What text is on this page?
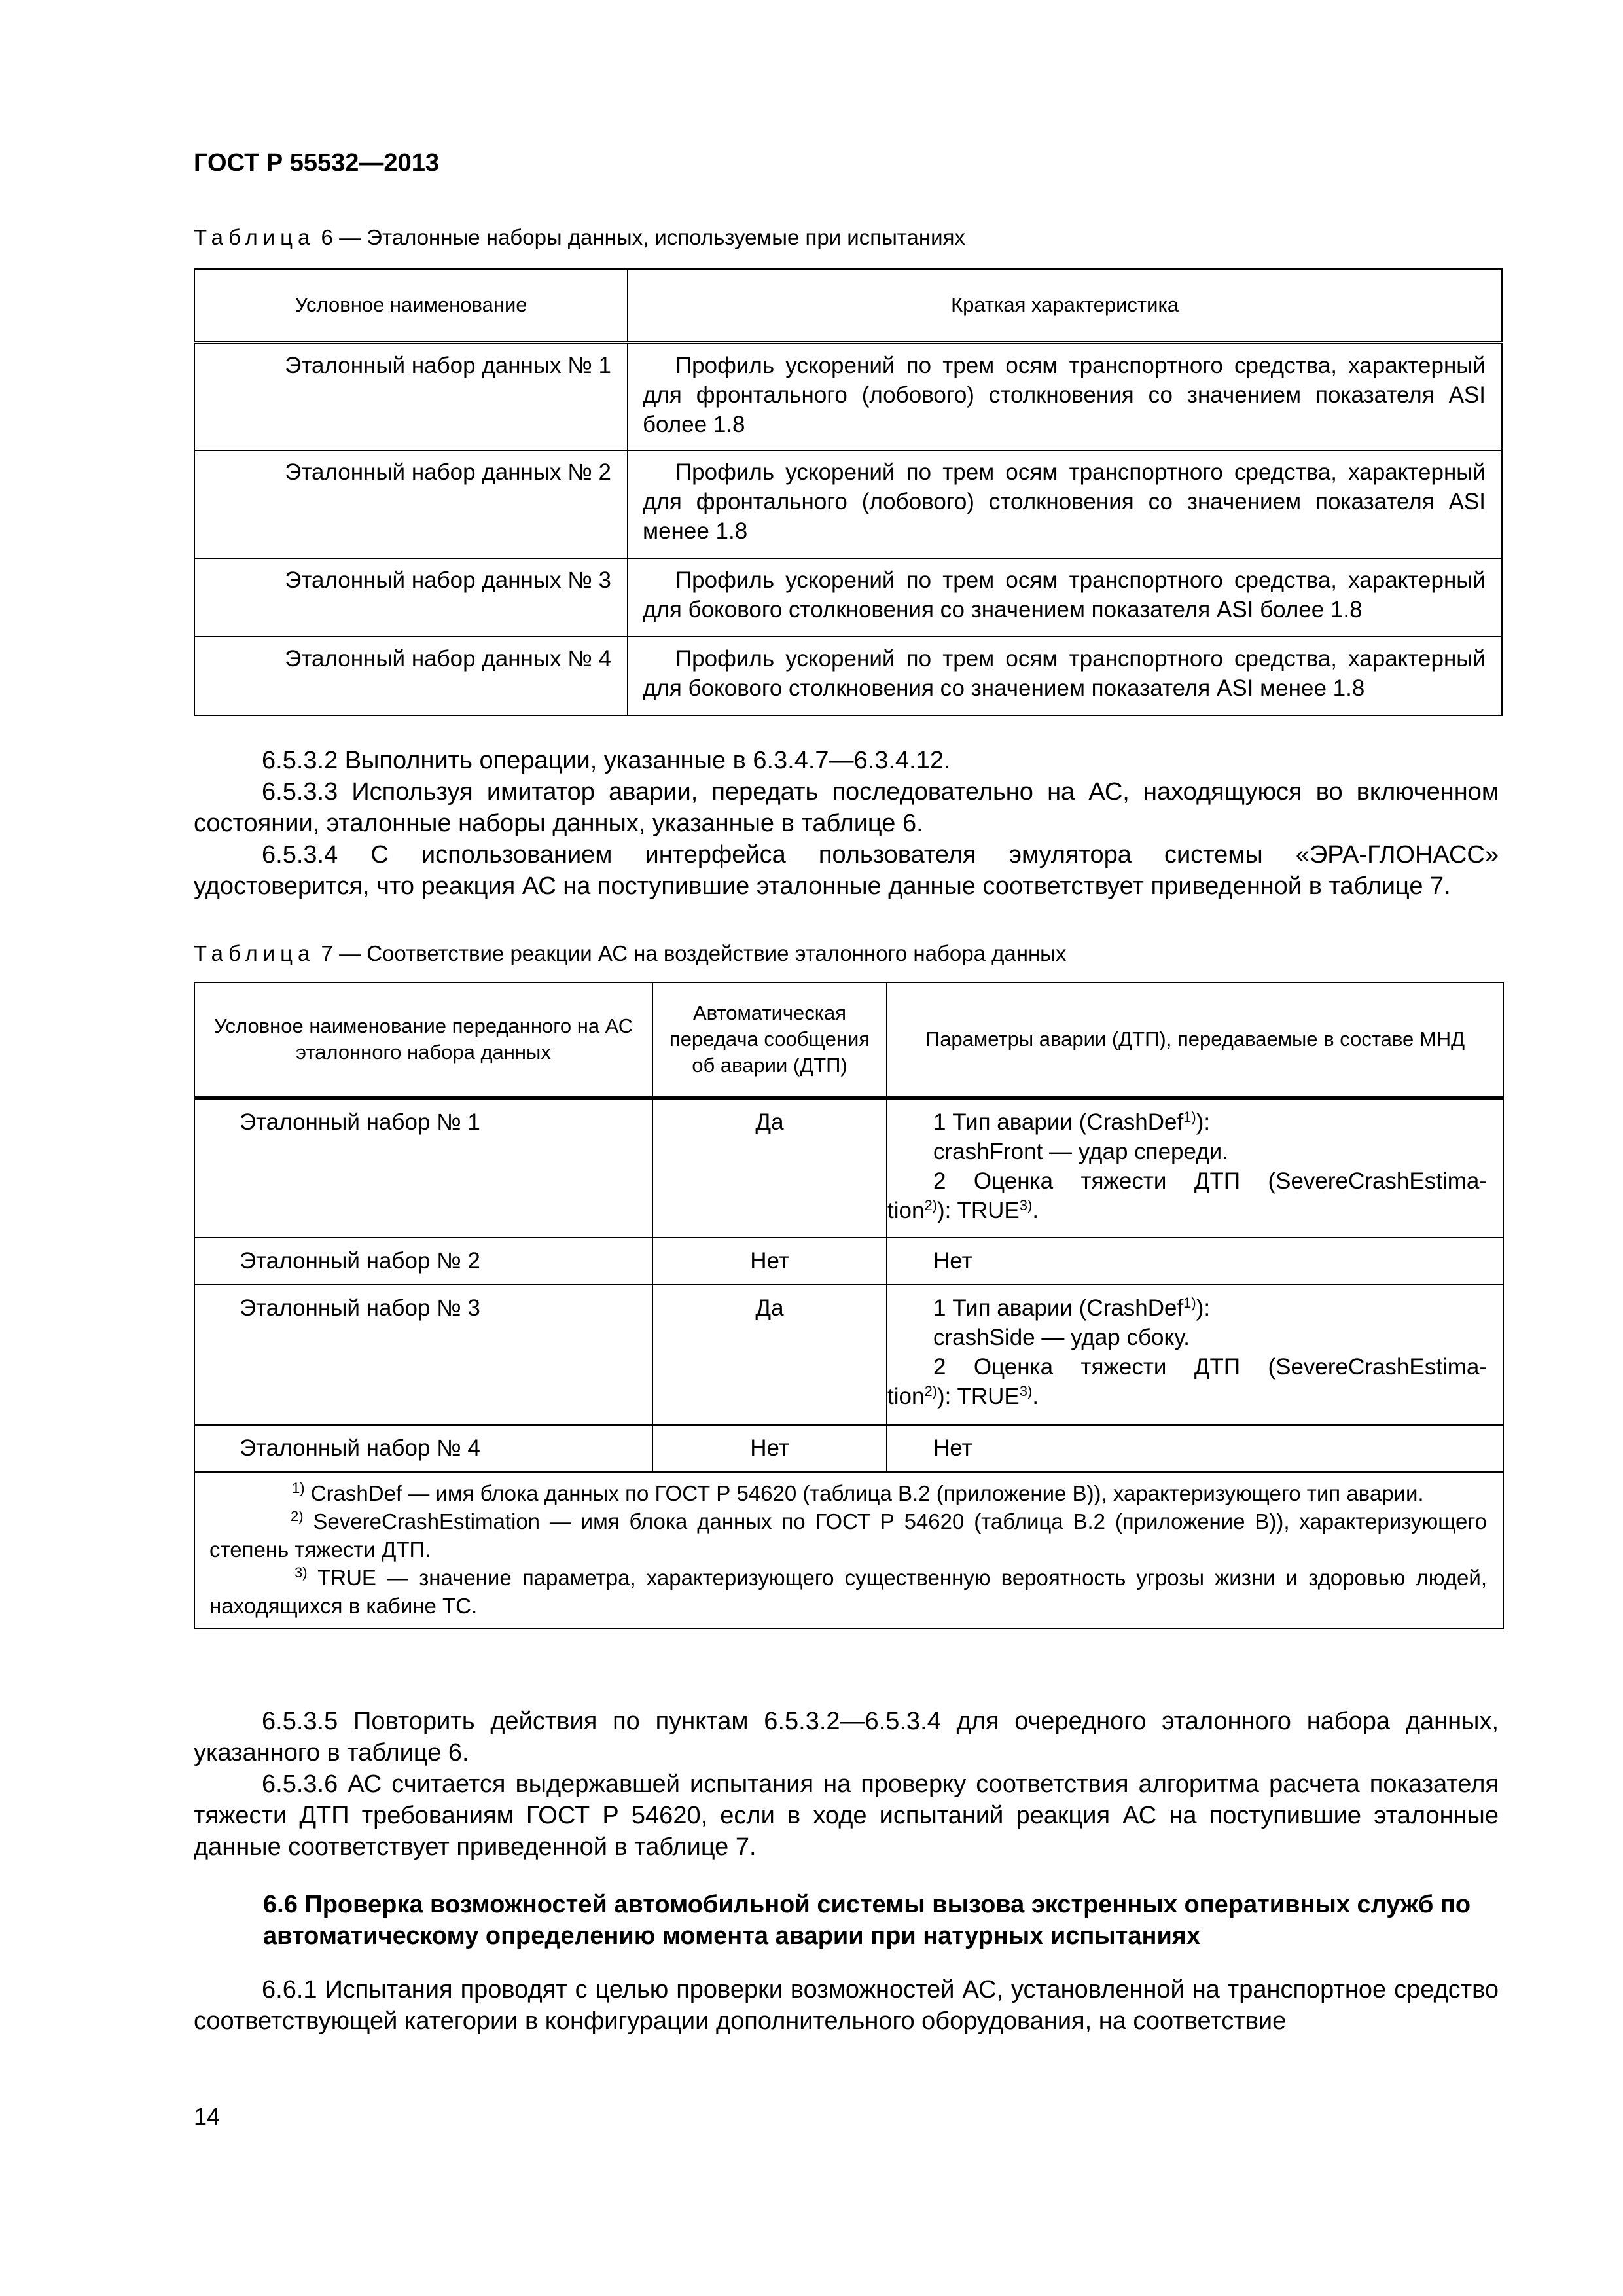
ГОСТ Р 55532—2013
Таблица 6 — Эталонные наборы данных, используемые при испытаниях
Условное наименование	Краткая характеристика
Эталонный набор данных № 1	Профиль ускорений по трем осям транспортного средства, характерный для фронтального (лобового) столкновения со значением показателя ASI более 1.8
Эталонный набор данных № 2	Профиль ускорений по трем осям транспортного средства, характерный для фронтального (лобового) столкновения со значением показателя ASI менее 1.8
Эталонный набор данных № 3	Профиль ускорений по трем осям транспортного средства, характерный для бокового столкновения со значением показателя ASI более 1.8
Эталонный набор данных № 4	Профиль ускорений по трем осям транспортного средства, характерный для бокового столкновения со значением показателя ASI менее 1.8
6.5.3.2 Выполнить операции, указанные в 6.3.4.7—6.3.4.12.
6.5.3.3 Используя имитатор аварии, передать последовательно на АС, находящуюся во включенном состоянии, эталонные наборы данных, указанные в таблице 6.
6.5.3.4 С использованием интерфейса пользователя эмулятора системы «ЭРА-ГЛОНАСС» удостоверится, что реакция АС на поступившие эталонные данные соответствует приведенной в таблице 7.
Таблица 7 — Соответствие реакции АС на воздействие эталонного набора данных
Условное наименование переданного на АС эталонного набора данных	Автоматическая передача сообщения об аварии (ДТП)	Параметры аварии (ДТП), передаваемые в составе МНД
Эталонный набор № 1	Да	1 Тип аварии (CrashDef$^{1)}$):
crashFront — удар спереди.
2 Оценка тяжести ДТП (SevereCrashEstima-
tion$^{2)}$): TRUE$^{3)}$.

Эталонный набор № 2	Нет	Нет
Эталонный набор № 3	Да	1 Тип аварии (CrashDef$^{1)}$):
crashSide — удар сбоку.
2 Оценка тяжести ДТП (SevereCrashEstima-
tion$^{2)}$): TRUE$^{3)}$.

Эталонный набор № 4	Нет	Нет

$^{1)}$ CrashDef — имя блока данных по ГОСТ Р 54620 (таблица В.2 (приложение В)), характеризующего тип аварии.
$^{2)}$ SevereCrashEstimation — имя блока данных по ГОСТ Р 54620 (таблица В.2 (приложение В)), характеризующего степень тяжести ДТП.
$^{3)}$ TRUE — значение параметра, характеризующего существенную вероятность угрозы жизни и здоровью людей, находящихся в кабине ТС.		
6.5.3.5 Повторить действия по пунктам 6.5.3.2—6.5.3.4 для очередного эталонного набора данных, указанного в таблице 6.
6.5.3.6 АС считается выдержавшей испытания на проверку соответствия алгоритма расчета показателя тяжести ДТП требованиям ГОСТ Р 54620, если в ходе испытаний реакция АС на поступившие эталонные данные соответствует приведенной в таблице 7.
6.6 Проверка возможностей автомобильной системы вызова экстренных оперативных служб по автоматическому определению момента аварии при натурных испытаниях
6.6.1 Испытания проводят с целью проверки возможностей АС, установленной на транспортное средство соответствующей категории в конфигурации дополнительного оборудования, на соответствие
14
